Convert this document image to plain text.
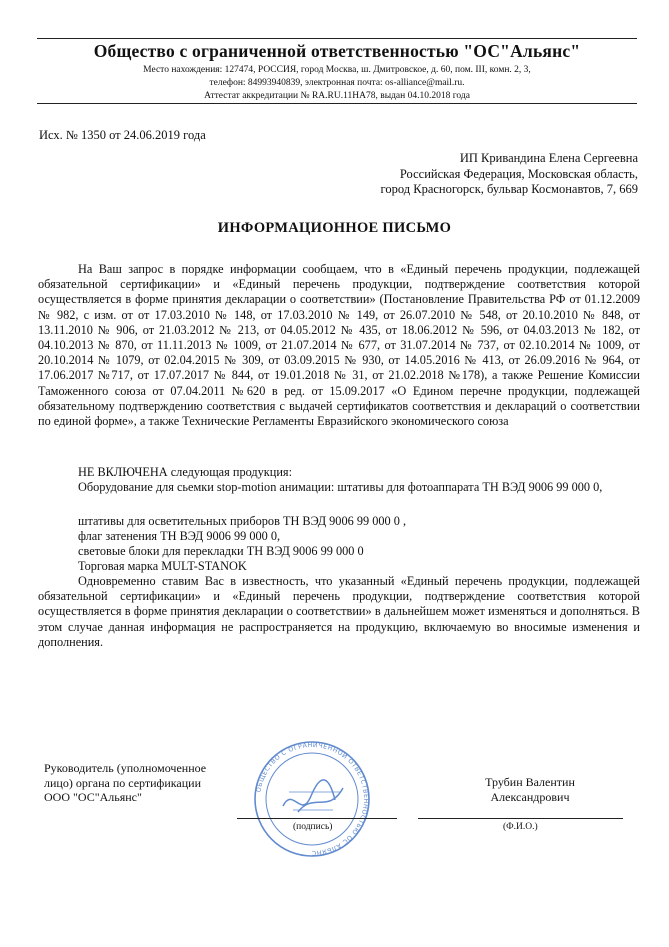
Общество с ограниченной ответственностью "ОС"Альянс"
Место нахождения: 127474, РОССИЯ, город Москва, ш. Дмитровское, д. 60, пом. III, комн. 2, 3,
телефон: 84993940839, электронная почта: os-alliance@mail.ru.
Аттестат аккредитации № RA.RU.11HA78, выдан 04.10.2018 года
Исх. № 1350 от 24.06.2019 года
ИП Кривандина Елена Сергеевна
Российская Федерация, Московская область,
город Красногорск, бульвар Космонавтов, 7, 669
ИНФОРМАЦИОННОЕ ПИСЬМО
На Ваш запрос в порядке информации сообщаем, что в «Единый перечень продукции, подлежащей обязательной сертификации» и «Единый перечень продукции, подтверждение соответствия которой осуществляется в форме принятия декларации о соответствии» (Постановление Правительства РФ от 01.12.2009 № 982, с изм. от от 17.03.2010 № 148, от 17.03.2010 № 149, от 26.07.2010 № 548, от 20.10.2010 № 848, от 13.11.2010 № 906, от 21.03.2012 № 213, от 04.05.2012 № 435, от 18.06.2012 № 596, от 04.03.2013 № 182, от 04.10.2013 № 870, от 11.11.2013 № 1009, от 21.07.2014 № 677, от 31.07.2014 № 737, от 02.10.2014 № 1009, от 20.10.2014 № 1079, от 02.04.2015 № 309, от 03.09.2015 № 930, от 14.05.2016 № 413, от 26.09.2016 № 964, от 17.06.2017 №717, от 17.07.2017 № 844, от 19.01.2018 № 31, от 21.02.2018 №178), а также Решение Комиссии Таможенного союза от 07.04.2011 №620 в ред. от 15.09.2017 «О Едином перечне продукции, подлежащей обязательному подтверждению соответствия с выдачей сертификатов соответствия и деклараций о соответствии по единой форме», а также Технические Регламенты Евразийского экономического союза
НЕ ВКЛЮЧЕНА следующая продукция:
Оборудование для сьемки stop-motion анимации: штативы для фотоаппарата ТН ВЭД 9006 99 000 0,
штативы для осветительных приборов ТН ВЭД 9006 99 000 0 ,
флаг затенения ТН ВЭД 9006 99 000 0,
световые блоки для перекладки ТН ВЭД 9006 99 000 0
Торговая марка MULT-STANOK
Одновременно ставим Вас в известность, что указанный «Единый перечень продукции, подлежащей обязательной сертификации» и «Единый перечень продукции, подтверждение соответствия которой осуществляется в форме принятия декларации о соответствии» в дальнейшем может изменяться и дополняться. В этом случае данная информация не распространяется на продукцию, включаемую во вносимые изменения и дополнения.
Руководитель (уполномоченное
лицо) органа по сертификации
ООО "ОС"Альянс"
ОБЩЕСТВО С ОГРАНИЧЕННОЙ ОТВЕТСТВЕННОСТЬЮ ОС АЛЬЯНС
Трубин Валентин
Александрович
(подпись)	(Ф.И.О.)
